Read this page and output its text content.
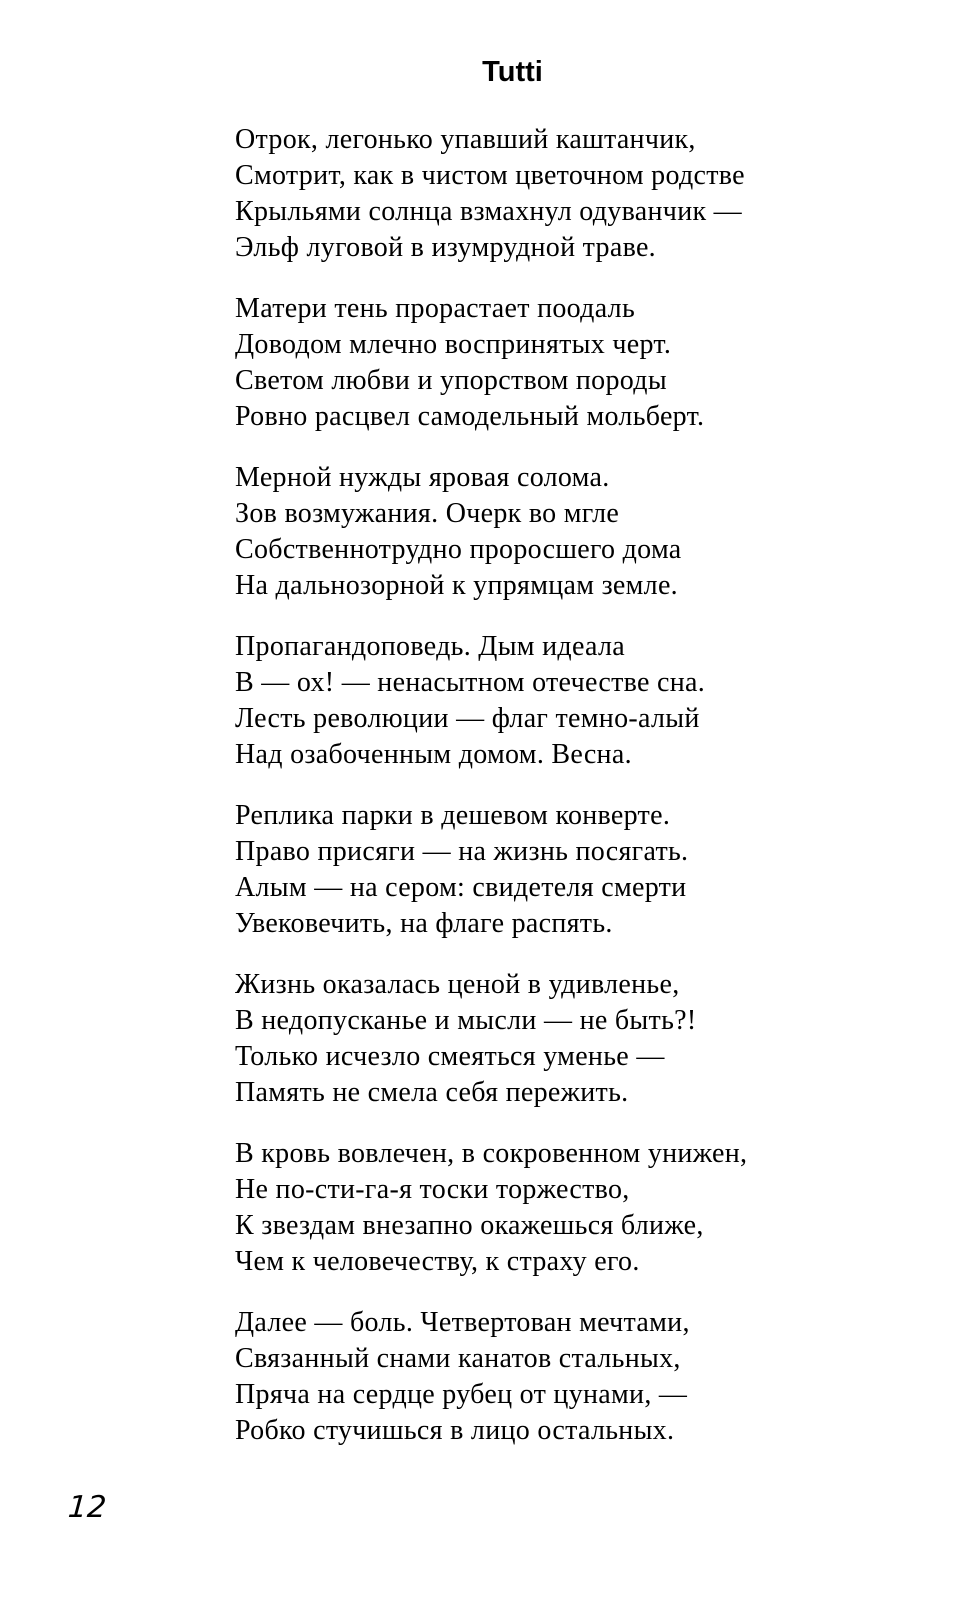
Tutti
Отрок, легонько упавший каштанчик,
Смотрит, как в чистом цветочном родстве
Крыльями солнца взмахнул одуванчик —
Эльф луговой в изумрудной траве.
Матери тень прорастает поодаль
Доводом млечно воспринятых черт.
Светом любви и упорством породы
Ровно расцвел самодельный мольберт.
Мерной нужды яровая солома.
Зов возмужания. Очерк во мгле
Собственнотрудно проросшего дома
На дальнозорной к упрямцам земле.
Пропагандоповедь. Дым идеала
В — ох! — ненасытном отечестве сна.
Лесть революции — флаг темно-алый
Над озабоченным домом. Весна.
Реплика парки в дешевом конверте.
Право присяги — на жизнь посягать.
Алым — на сером: свидетеля смерти
Увековечить, на флаге распять.
Жизнь оказалась ценой в удивленье,
В недопусканье и мысли — не быть?!
Только исчезло смеяться уменье —
Память не смела себя пережить.
В кровь вовлечен, в сокровенном унижен,
Не по-сти-га-я тоски торжество,
К звездам внезапно окажешься ближе,
Чем к человечеству, к страху его.
Далее — боль. Четвертован мечтами,
Связанный снами канатов стальных,
Пряча на сердце рубец от цунами, —
Робко стучишься в лицо остальных.
12
